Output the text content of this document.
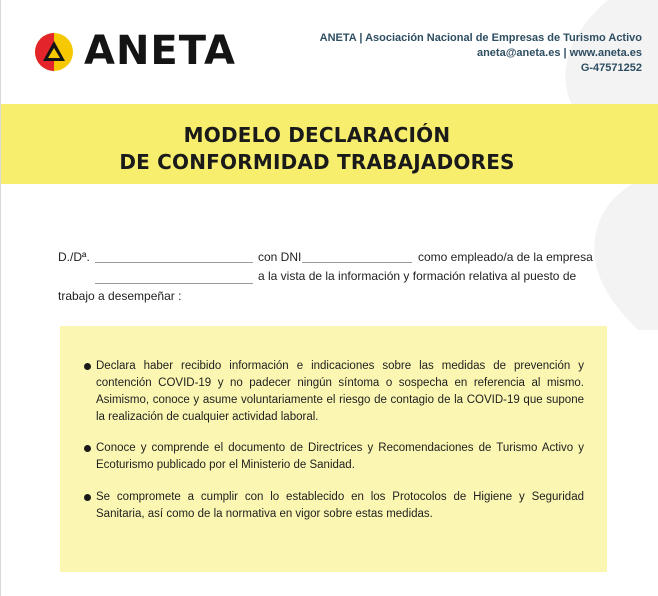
ANETA	ANETA | Asociación Nacional de Empresas de Turismo Activo
aneta@aneta.es | www.aneta.es
G-47571252
MODELO DECLARACIÓN
DE CONFORMIDAD TRABAJADORES
D./Dª.	con DNI	como empleado/a de la empresa
a la vista de la información y formación relativa al puesto de
trabajo a desempeñar :
Declara haber recibido información e indicaciones sobre las medidas de prevención y contención COVID-19 y no padecer ningún síntoma o sospecha en referencia al mismo. Asimismo, conoce y asume voluntariamente el riesgo de contagio de la COVID-19 que supone la realización de cualquier actividad laboral.
Conoce y comprende el documento de Directrices y Recomendaciones de Turismo Activo y Ecoturismo publicado por el Ministerio de Sanidad.
Se compromete a cumplir con lo establecido en los Protocolos de Higiene y Seguridad Sanitaria, así como de la normativa en vigor sobre estas medidas.
